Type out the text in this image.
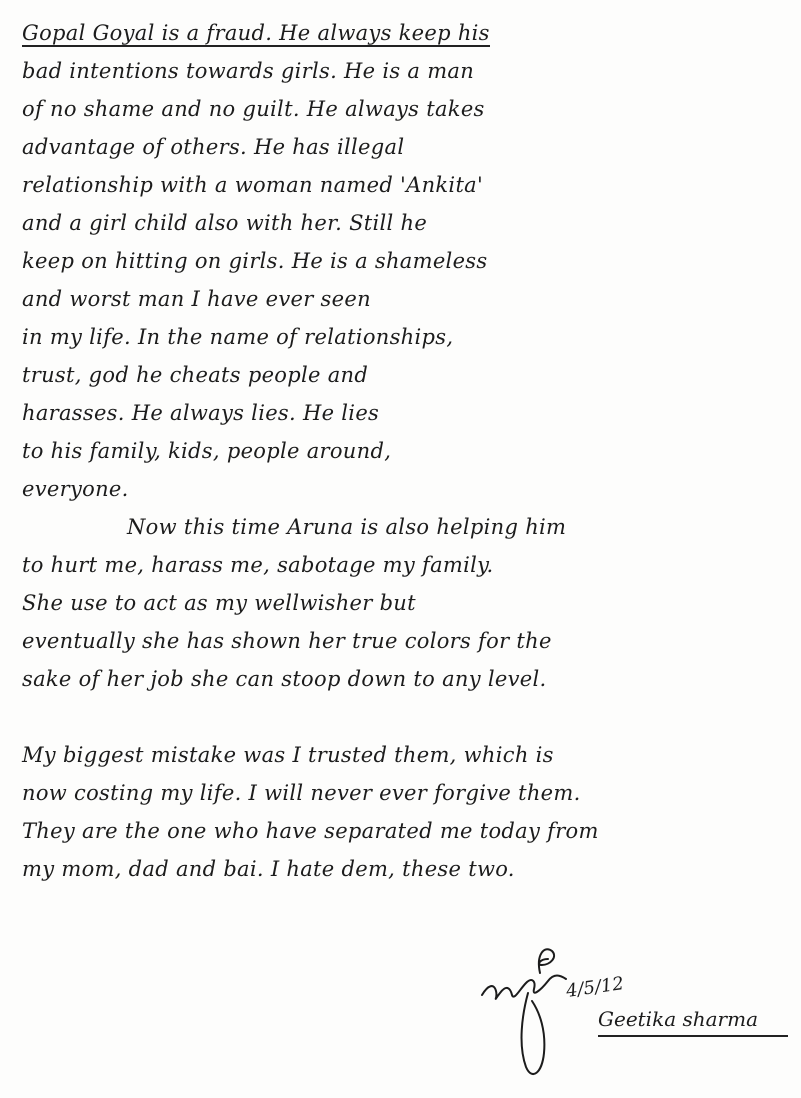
Gopal Goyal is a fraud. He always keep his
bad intentions towards girls. He is a man
of no shame and no guilt. He always takes
advantage of others. He has illegal
relationship with a woman named 'Ankita'
and a girl child also with her. Still he
keep on hitting on girls. He is a shameless
and worst man I have ever seen
in my life. In the name of relationships,
trust, god he cheats people and
harasses. He always lies. He lies
to his family, kids, people around,
everyone.
Now this time Aruna is also helping him
to hurt me, harass me, sabotage my family.
She use to act as my wellwisher but
eventually she has shown her true colors for the
sake of her job she can stoop down to any level.
My biggest mistake was I trusted them, which is
now costing my life. I will never ever forgive them.
They are the one who have separated me today from
my mom, dad and bai. I hate dem, these two.
4/5/12
Geetika sharma
